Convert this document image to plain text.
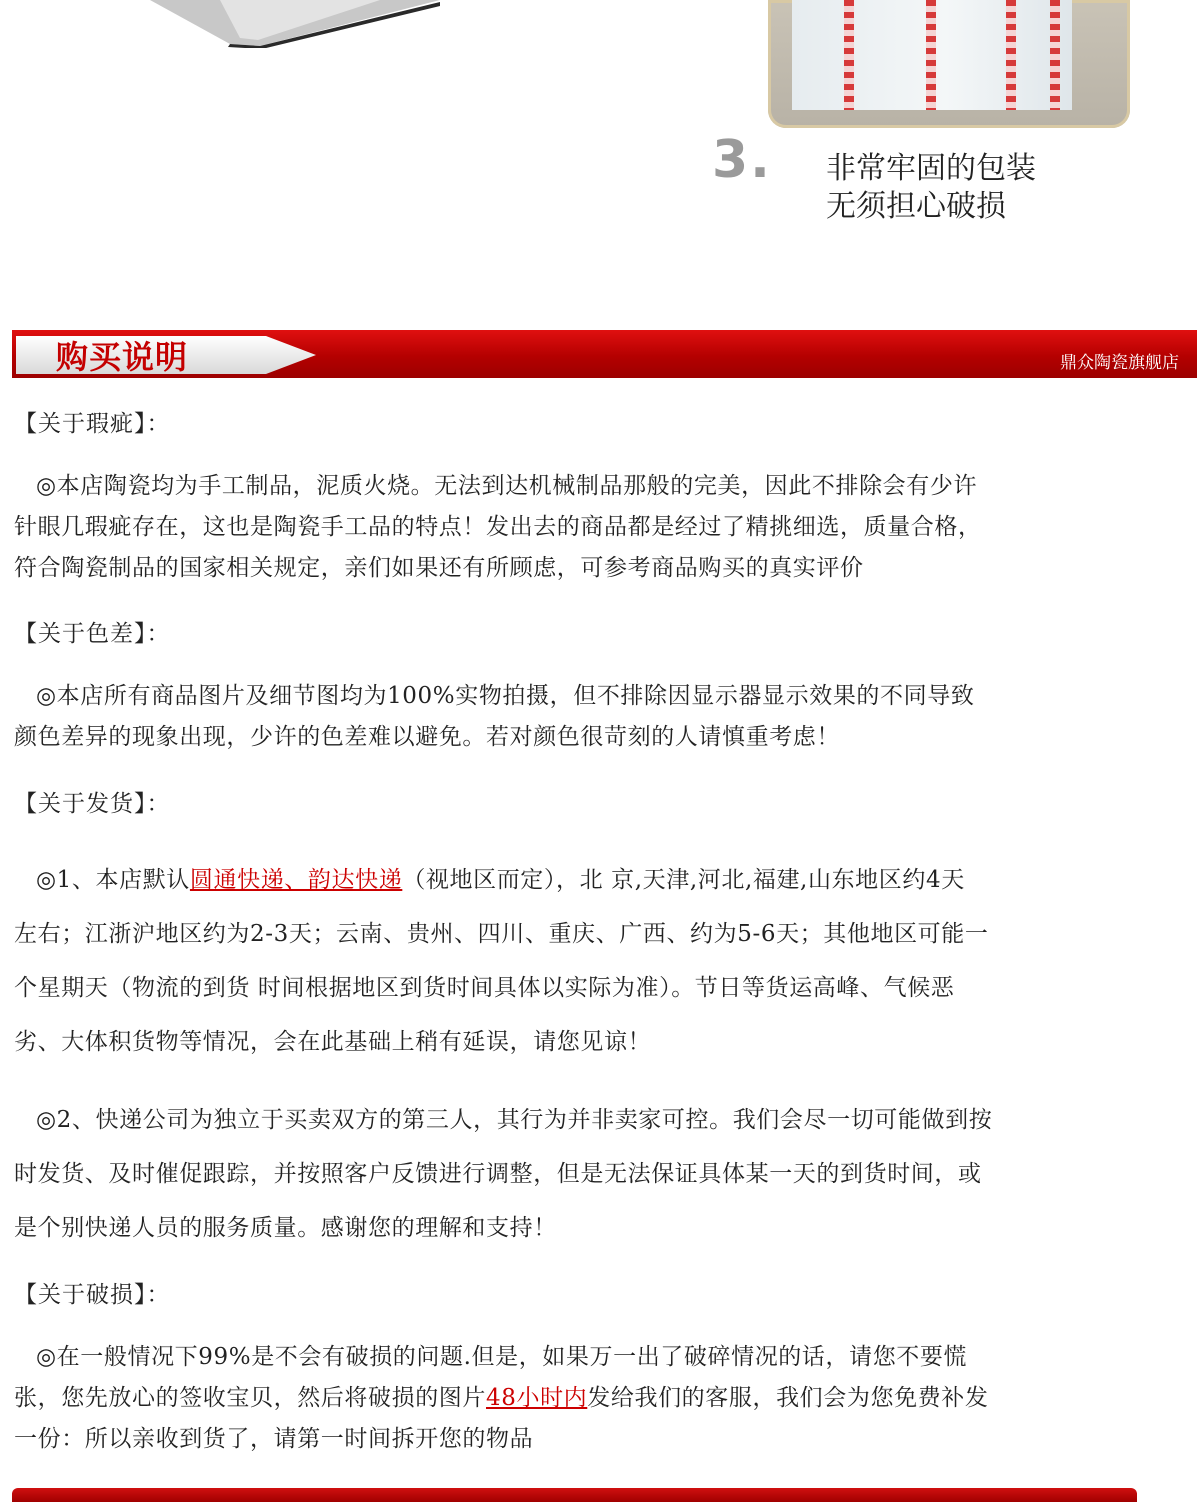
3. 非常牢固的包装
无须担心破损
购买说明	鼎众陶瓷旗舰店
【关于瑕疵】：
◎本店陶瓷均为手工制品，泥质火烧。无法到达机械制品那般的完美，因此不排除会有少许
针眼几瑕疵存在，这也是陶瓷手工品的特点！发出去的商品都是经过了精挑细选，质量合格，
符合陶瓷制品的国家相关规定，亲们如果还有所顾虑，可参考商品购买的真实评价
【关于色差】：
◎本店所有商品图片及细节图均为100%实物拍摄，但不排除因显示器显示效果的不同导致
颜色差异的现象出现，少许的色差难以避免。若对颜色很苛刻的人请慎重考虑！
【关于发货】：
◎1、本店默认圆通快递、韵达快递（视地区而定），北 京,天津,河北,福建,山东地区约4天
左右；江浙沪地区约为2-3天；云南、贵州、四川、重庆、广西、约为5-6天；其他地区可能一
个星期天（物流的到货 时间根据地区到货时间具体以实际为准）。节日等货运高峰、气候恶
劣、大体积货物等情况，会在此基础上稍有延误，请您见谅！
◎2、快递公司为独立于买卖双方的第三人，其行为并非卖家可控。我们会尽一切可能做到按
时发货、及时催促跟踪，并按照客户反馈进行调整，但是无法保证具体某一天的到货时间，或
是个别快递人员的服务质量。感谢您的理解和支持！
【关于破损】：
◎在一般情况下99%是不会有破损的问题.但是，如果万一出了破碎情况的话，请您不要慌
张，您先放心的签收宝贝，然后将破损的图片48小时内发给我们的客服，我们会为您免费补发
一份：所以亲收到货了，请第一时间拆开您的物品
